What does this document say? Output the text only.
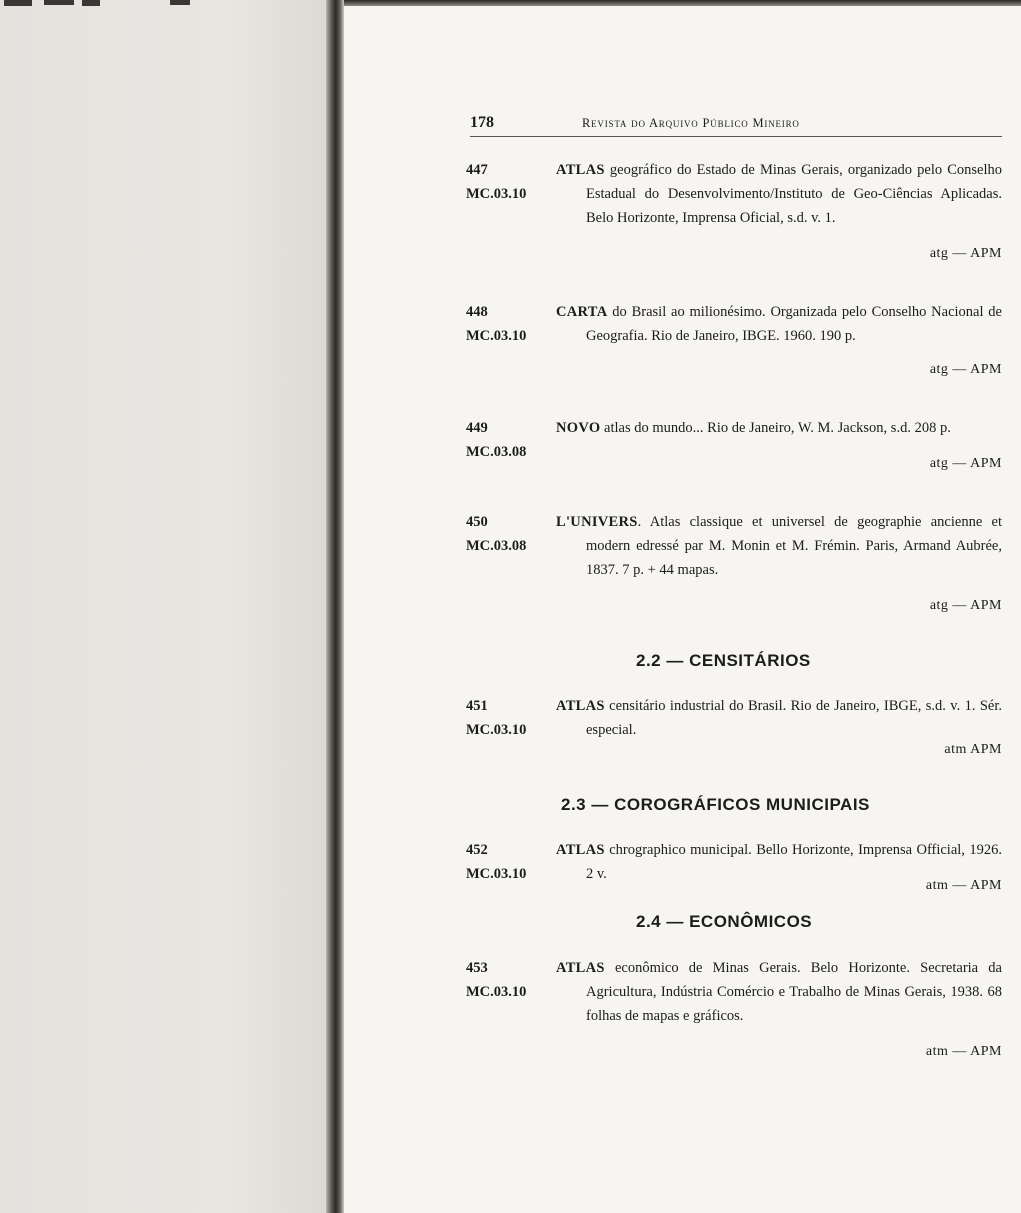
178	Revista do Arquivo Público Mineiro
447
MC.03.10
ATLAS geográfico do Estado de Minas Gerais, organizado pelo Conselho Estadual do Desenvolvimento/Instituto de Geo-Ciências Aplicadas. Belo Horizonte, Imprensa Oficial, s.d. v. 1.
atg — APM
448
MC.03.10
CARTA do Brasil ao milionésimo. Organizada pelo Conselho Nacional de Geografia. Rio de Janeiro, IBGE. 1960. 190 p.
atg — APM
449
MC.03.08
NOVO atlas do mundo... Rio de Janeiro, W. M. Jackson, s.d. 208 p.
atg — APM
450
MC.03.08
L'UNIVERS. Atlas classique et universel de geographie ancienne et modern edressé par M. Monin et M. Frémin. Paris, Armand Aubrée, 1837. 7 p. + 44 mapas.
atg — APM
2.2 — CENSITÁRIOS
451
MC.03.10
ATLAS censitário industrial do Brasil. Rio de Janeiro, IBGE, s.d. v. 1. Sér. especial.
atm APM
2.3 — COROGRÁFICOS MUNICIPAIS
452
MC.03.10
ATLAS chrographico municipal. Bello Horizonte, Imprensa Official, 1926. 2 v.
atm — APM
2.4 — ECONÔMICOS
453
MC.03.10
ATLAS econômico de Minas Gerais. Belo Horizonte. Secretaria da Agricultura, Indústria Comércio e Trabalho de Minas Gerais, 1938. 68 folhas de mapas e gráficos.
atm — APM
